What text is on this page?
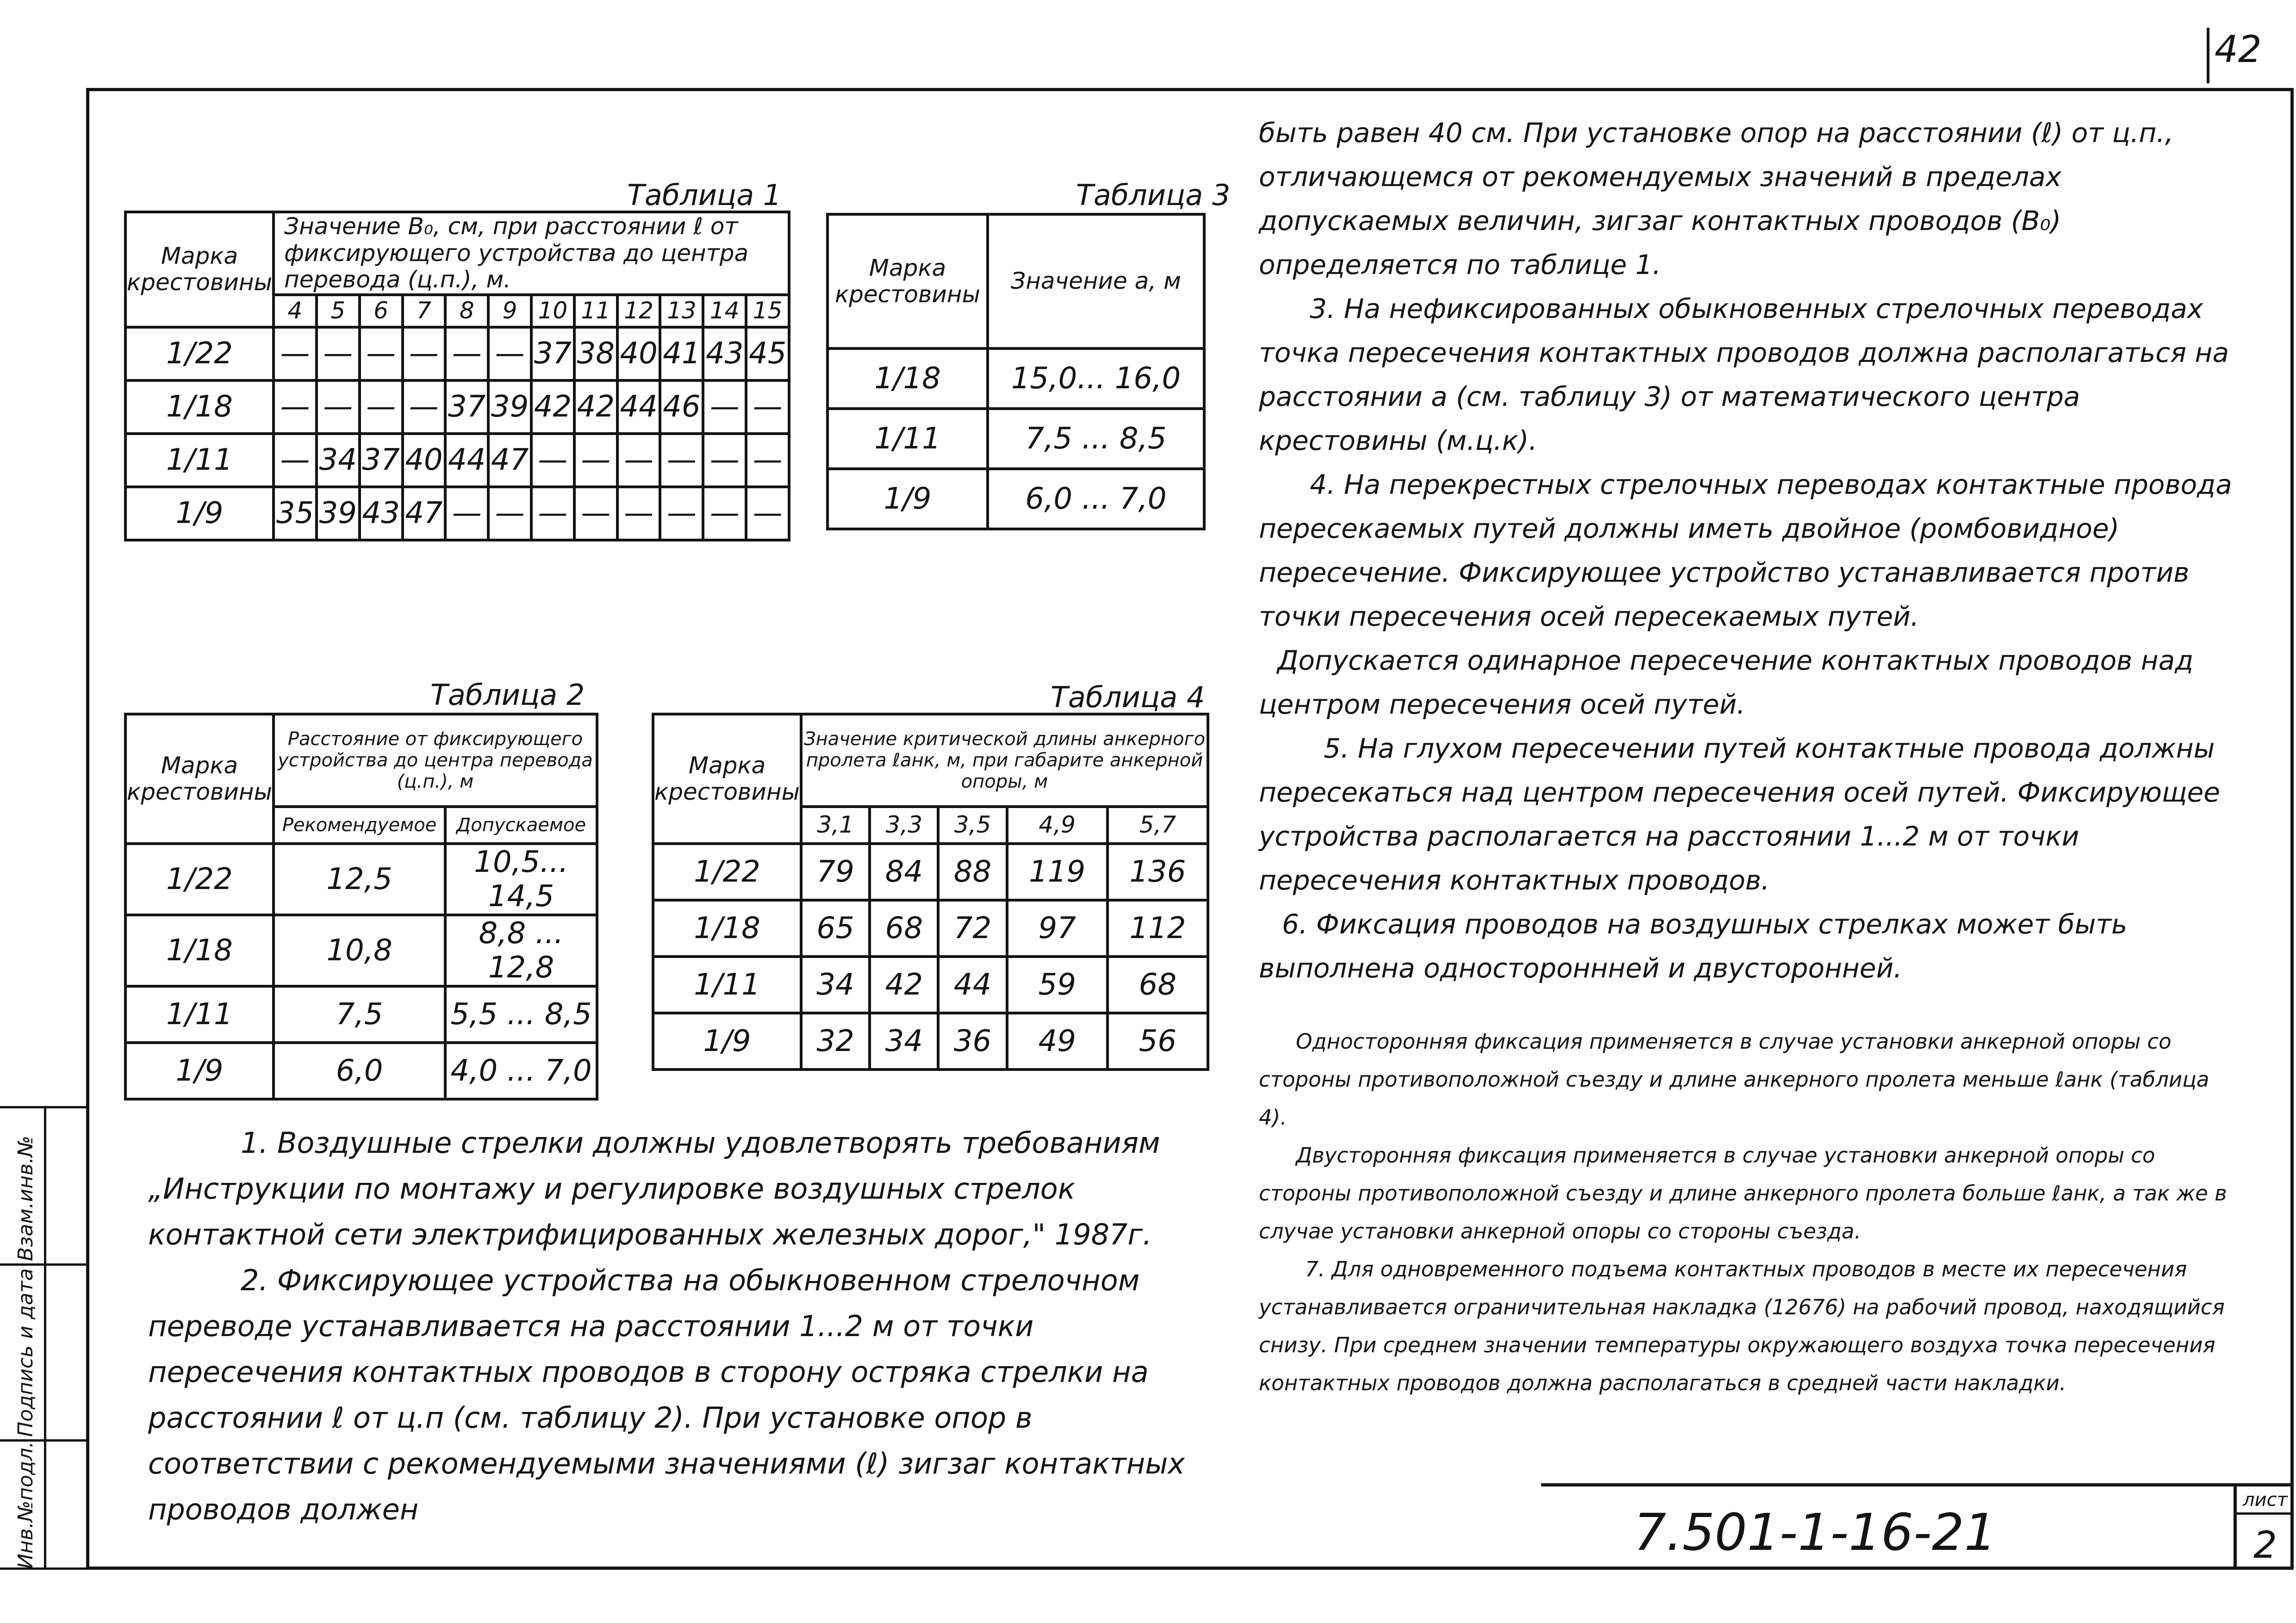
42
Взам.инв.№
Подпись и дата
Инв.№подл.
Таблица 1
Марка крестовины	Значение В₀, см, при расстоянии ℓ от фиксирующего устройства до центра перевода (ц.п.), м.											
	4	5	6	7	8	9	10	11	12	13	14	15
1/22	—	—	—	—	—	—	37	38	40	41	43	45
1/18	—	—	—	—	37	39	42	42	44	46	—	—
1/11	—	34	37	40	44	47	—	—	—	—	—	—
1/9	35	39	43	47	—	—	—	—	—	—	—	—
Таблица 3
Марка крестовины	Значение а, м
1/18	15,0... 16,0
1/11	7,5 ... 8,5
1/9	6,0 ... 7,0
Таблица 2
Марка крестовины	Расстояние от фиксирующего устройства до центра перевода (ц.п.), м	
	Рекомендуемое	Допускаемое
1/22	12,5	10,5... 14,5
1/18	10,8	8,8 ... 12,8
1/11	7,5	5,5 ... 8,5
1/9	6,0	4,0 ... 7,0
Таблица 4
Марка крестовины	Значение критической длины анкерного пролета ℓанк, м, при габарите анкерной опоры, м				
	3,1	3,3	3,5	4,9	5,7
1/22	79	84	88	119	136
1/18	65	68	72	97	112
1/11	34	42	44	59	68
1/9	32	34	36	49	56

1. Воздушные стрелки должны удовлетворять требованиям „Инструкции по монтажу и регулировке воздушных стрелок контактной сети электрифицированных железных дорог," 1987г.

2. Фиксирующее устройства на обыкновенном стрелочном переводе устанавливается на расстоянии 1...2 м от точки пересечения контактных проводов в сторону остряка стрелки на расстоянии ℓ от ц.п (см. таблицу 2). При установке опор в соответствии с рекомендуемыми значениями (ℓ) зигзаг контактных проводов должен

быть равен 40 см. При установке опор на расстоянии (ℓ) от ц.п., отличающемся от рекомендуемых значений в пределах допускаемых величин, зигзаг контактных проводов (В₀) определяется по таблице 1.

3. На нефиксированных обыкновенных стрелочных переводах точка пересечения контактных проводов должна располагаться на расстоянии а (см. таблицу 3) от математического центра крестовины (м.ц.к).

4. На перекрестных стрелочных переводах контактные провода пересекаемых путей должны иметь двойное (ромбовидное) пересечение. Фиксирующее устройство устанавливается против точки пересечения осей пересекаемых путей.

Допускается одинарное пересечение контактных проводов над центром пересечения осей путей.

5. На глухом пересечении путей контактные провода должны пересекаться над центром пересечения осей путей. Фиксирующее устройства располагается на расстоянии 1...2 м от точки пересечения контактных проводов.

6. Фиксация проводов на воздушных стрелках может быть выполнена одностороннней и двусторонней.

Односторонняя фиксация применяется в случае установки анкерной опоры со стороны противоположной съезду и длине анкерного пролета меньше ℓанк (таблица 4).

Двусторонняя фиксация применяется в случае установки анкерной опоры со стороны противоположной съезду и длине анкерного пролета больше ℓанк, а так же в случае установки анкерной опоры со стороны съезда.

7. Для одновременного подъема контактных проводов в месте их пересечения устанавливается ограничительная накладка (12676) на рабочий провод, находящийся снизу. При среднем значении температуры окружающего воздуха точка пересечения контактных проводов должна располагаться в средней части накладки.

7.501-1-16-21
лист
2
